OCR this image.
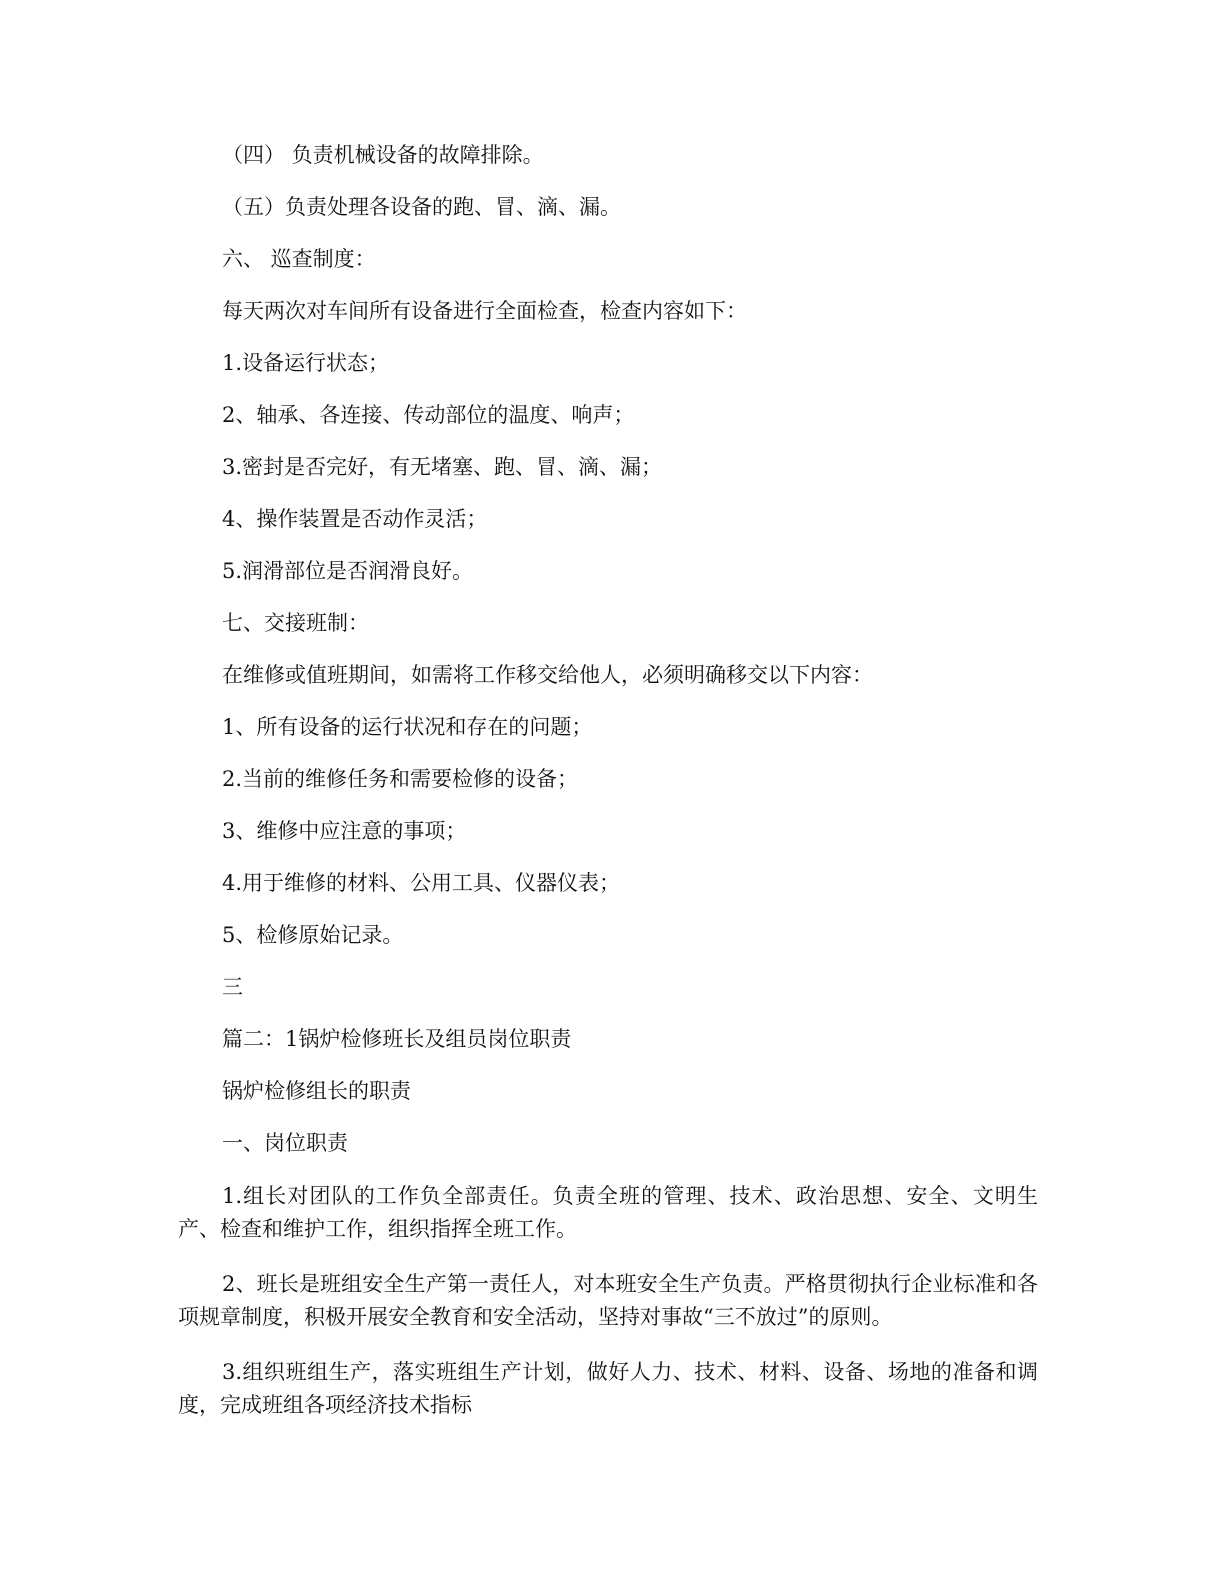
（四） 负责机械设备的故障排除。

（五）负责处理各设备的跑、冒、滴、漏。

六、 巡查制度：

每天两次对车间所有设备进行全面检查，检查内容如下：

1.设备运行状态；

2、轴承、各连接、传动部位的温度、响声；

3.密封是否完好，有无堵塞、跑、冒、滴、漏；

4、操作装置是否动作灵活；

5.润滑部位是否润滑良好。

七、交接班制：

在维修或值班期间，如需将工作移交给他人，必须明确移交以下内容：

1、所有设备的运行状况和存在的问题；

2.当前的维修任务和需要检修的设备；

3、维修中应注意的事项；

4.用于维修的材料、公用工具、仪器仪表；

5、检修原始记录。

三

篇二：1锅炉检修班长及组员岗位职责

锅炉检修组长的职责

一、岗位职责

1.组长对团队的工作负全部责任。负责全班的管理、技术、政治思想、安全、文明生产、检查和维护工作，组织指挥全班工作。

2、班长是班组安全生产第一责任人，对本班安全生产负责。严格贯彻执行企业标准和各项规章制度，积极开展安全教育和安全活动，坚持对事故“三不放过”的原则。

3.组织班组生产，落实班组生产计划，做好人力、技术、材料、设备、场地的准备和调度，完成班组各项经济技术指标
